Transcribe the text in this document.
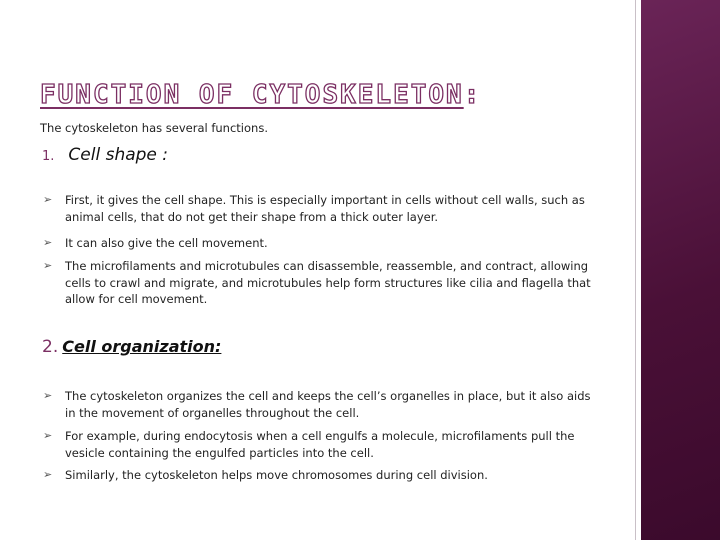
FUNCTION OF CYTOSKELETON:
The cytoskeleton has several functions.
1. Cell shape :
➢ First, it gives the cell shape. This is especially important in cells without cell walls, such as animal cells, that do not get their shape from a thick outer layer.
➢ It can also give the cell movement.
➢ The microfilaments and microtubules can disassemble, reassemble, and contract, allowing cells to crawl and migrate, and microtubules help form structures like cilia and flagella that allow for cell movement.
2. Cell organization:
➢ The cytoskeleton organizes the cell and keeps the cell’s organelles in place, but it also aids in the movement of organelles throughout the cell.
➢ For example, during endocytosis when a cell engulfs a molecule, microfilaments pull the vesicle containing the engulfed particles into the cell.
➢ Similarly, the cytoskeleton helps move chromosomes during cell division.
